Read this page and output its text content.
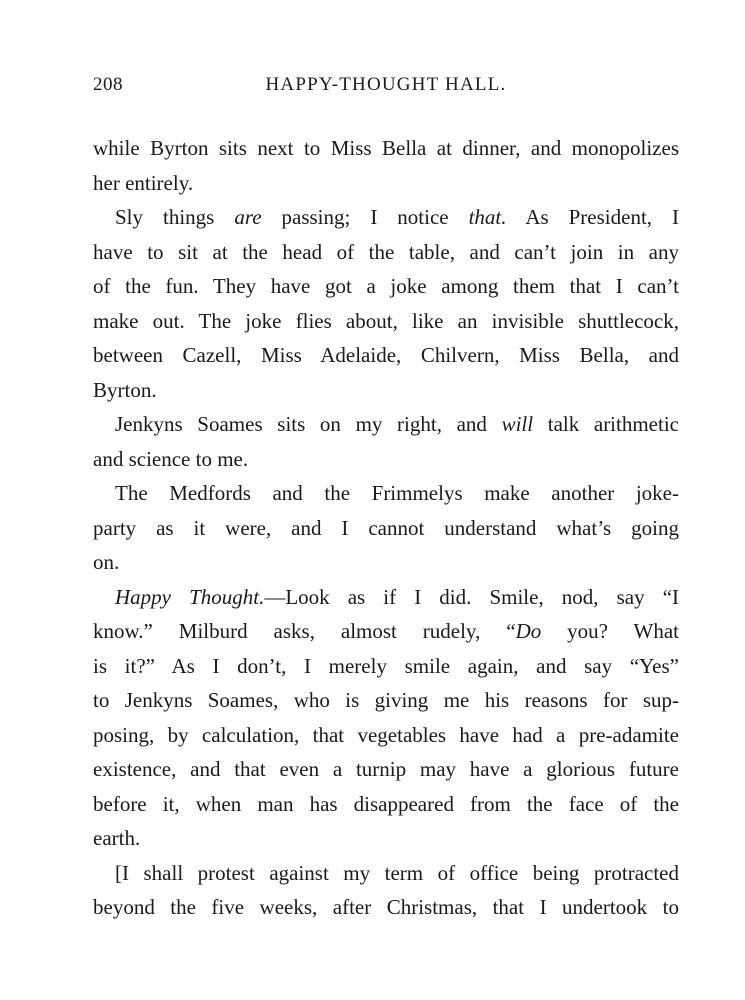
208	HAPPY-THOUGHT HALL.
while Byrton sits next to Miss Bella at dinner, and monopolizes
her entirely.
Sly things are passing; I notice that. As President, I
have to sit at the head of the table, and can’t join in any
of the fun. They have got a joke among them that I can’t
make out. The joke flies about, like an invisible shuttlecock,
between Cazell, Miss Adelaide, Chilvern, Miss Bella, and
Byrton.
Jenkyns Soames sits on my right, and will talk arithmetic
and science to me.
The Medfords and the Frimmelys make another joke-
party as it were, and I cannot understand what’s going
on.
Happy Thought.—Look as if I did. Smile, nod, say “I
know.” Milburd asks, almost rudely, “Do you? What
is it?” As I don’t, I merely smile again, and say “Yes”
to Jenkyns Soames, who is giving me his reasons for sup-
posing, by calculation, that vegetables have had a pre-adamite
existence, and that even a turnip may have a glorious future
before it, when man has disappeared from the face of the
earth.
[I shall protest against my term of office being protracted
beyond the five weeks, after Christmas, that I undertook to
